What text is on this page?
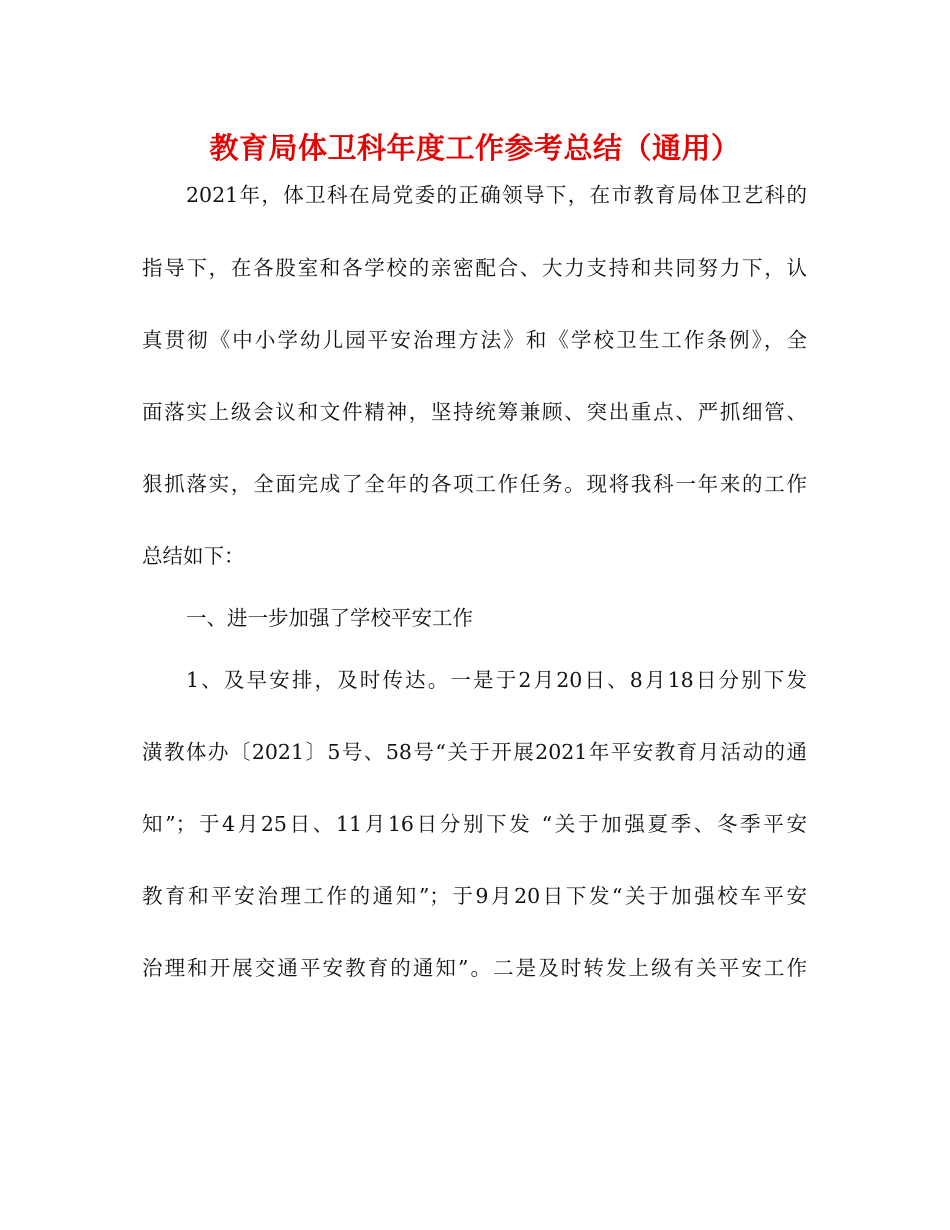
教育局体卫科年度工作参考总结（通用）
2021年，体卫科在局党委的正确领导下，在市教育局体卫艺科的
指导下，在各股室和各学校的亲密配合、大力支持和共同努力下，认
真贯彻《中小学幼儿园平安治理方法》和《学校卫生工作条例》，全
面落实上级会议和文件精神，坚持统筹兼顾、突出重点、严抓细管、
狠抓落实，全面完成了全年的各项工作任务。现将我科一年来的工作
总结如下：
一、进一步加强了学校平安工作
1、及早安排，及时传达。一是于2月20日、8月18日分别下发
潢教体办〔2021〕5号、58号“关于开展2021年平安教育月活动的通
知”；于4月25日、11月16日分别下发 “关于加强夏季、冬季平安
教育和平安治理工作的通知”；于9月20日下发“关于加强校车平安
治理和开展交通平安教育的通知”。二是及时转发上级有关平安工作
